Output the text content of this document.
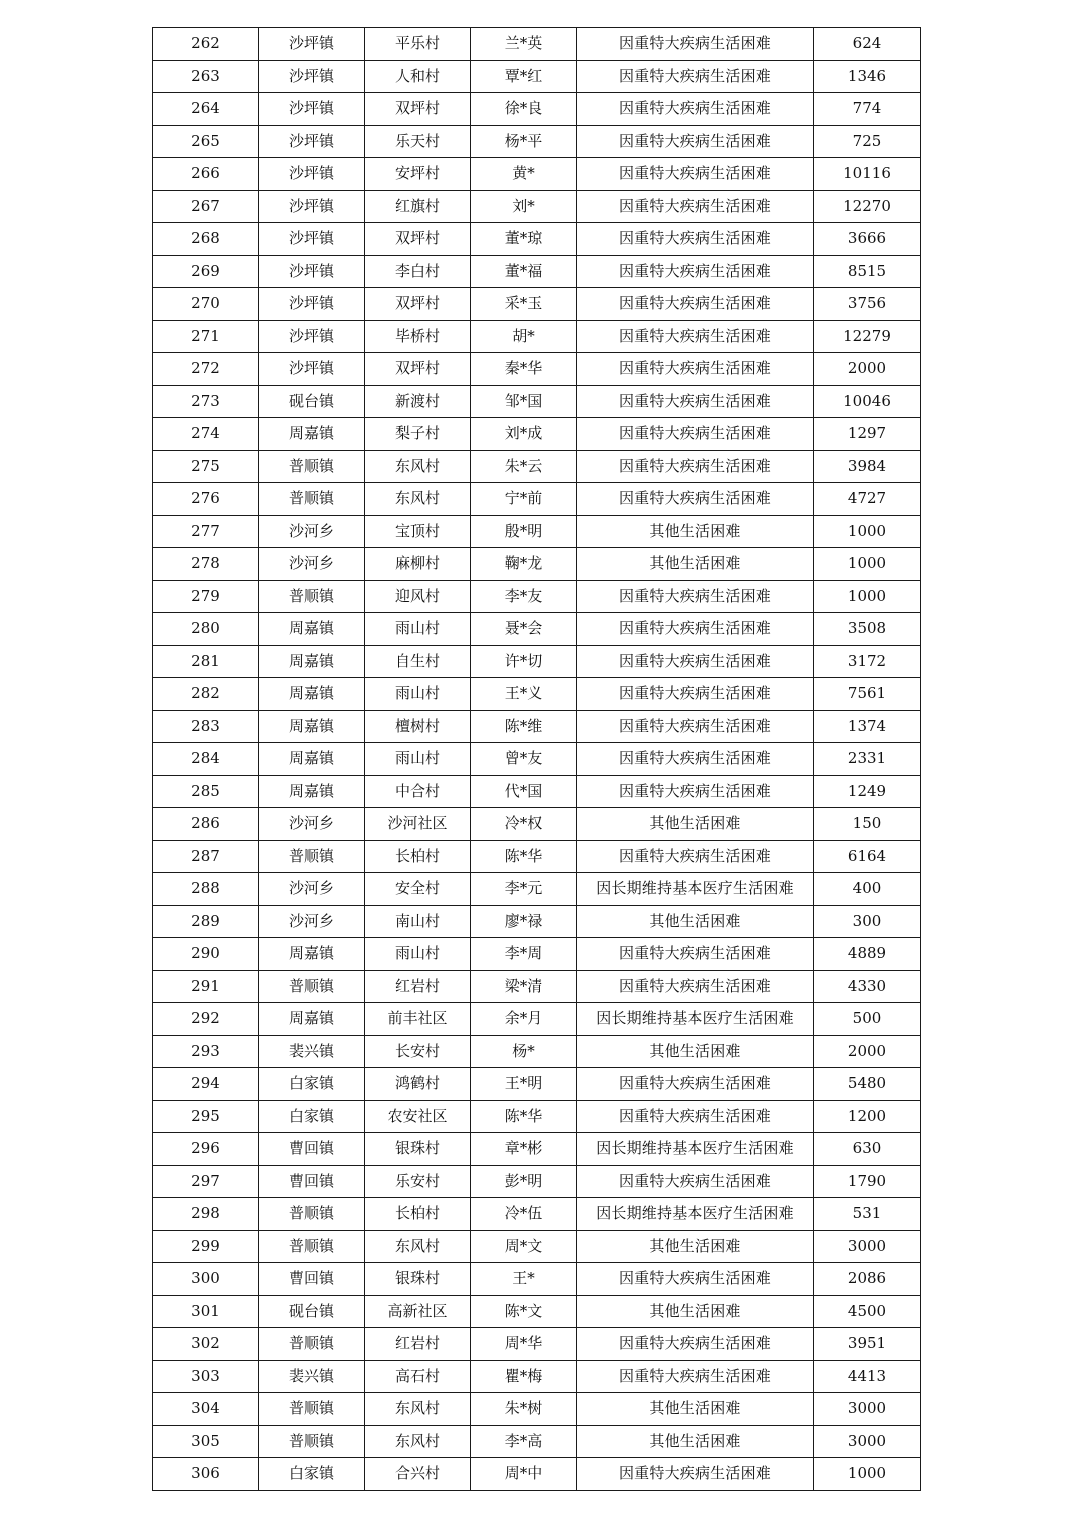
262	沙坪镇	平乐村	兰*英	因重特大疾病生活困难	624
263	沙坪镇	人和村	覃*红	因重特大疾病生活困难	1346
264	沙坪镇	双坪村	徐*良	因重特大疾病生活困难	774
265	沙坪镇	乐天村	杨*平	因重特大疾病生活困难	725
266	沙坪镇	安坪村	黄*	因重特大疾病生活困难	10116
267	沙坪镇	红旗村	刘*	因重特大疾病生活困难	12270
268	沙坪镇	双坪村	董*琼	因重特大疾病生活困难	3666
269	沙坪镇	李白村	董*福	因重特大疾病生活困难	8515
270	沙坪镇	双坪村	采*玉	因重特大疾病生活困难	3756
271	沙坪镇	毕桥村	胡*	因重特大疾病生活困难	12279
272	沙坪镇	双坪村	秦*华	因重特大疾病生活困难	2000
273	砚台镇	新渡村	邹*国	因重特大疾病生活困难	10046
274	周嘉镇	梨子村	刘*成	因重特大疾病生活困难	1297
275	普顺镇	东风村	朱*云	因重特大疾病生活困难	3984
276	普顺镇	东风村	宁*前	因重特大疾病生活困难	4727
277	沙河乡	宝顶村	殷*明	其他生活困难	1000
278	沙河乡	麻柳村	鞠*龙	其他生活困难	1000
279	普顺镇	迎风村	李*友	因重特大疾病生活困难	1000
280	周嘉镇	雨山村	聂*会	因重特大疾病生活困难	3508
281	周嘉镇	自生村	许*切	因重特大疾病生活困难	3172
282	周嘉镇	雨山村	王*义	因重特大疾病生活困难	7561
283	周嘉镇	檀树村	陈*维	因重特大疾病生活困难	1374
284	周嘉镇	雨山村	曾*友	因重特大疾病生活困难	2331
285	周嘉镇	中合村	代*国	因重特大疾病生活困难	1249
286	沙河乡	沙河社区	冷*权	其他生活困难	150
287	普顺镇	长柏村	陈*华	因重特大疾病生活困难	6164
288	沙河乡	安全村	李*元	因长期维持基本医疗生活困难	400
289	沙河乡	南山村	廖*禄	其他生活困难	300
290	周嘉镇	雨山村	李*周	因重特大疾病生活困难	4889
291	普顺镇	红岩村	梁*清	因重特大疾病生活困难	4330
292	周嘉镇	前丰社区	余*月	因长期维持基本医疗生活困难	500
293	裴兴镇	长安村	杨*	其他生活困难	2000
294	白家镇	鸿鹤村	王*明	因重特大疾病生活困难	5480
295	白家镇	农安社区	陈*华	因重特大疾病生活困难	1200
296	曹回镇	银珠村	章*彬	因长期维持基本医疗生活困难	630
297	曹回镇	乐安村	彭*明	因重特大疾病生活困难	1790
298	普顺镇	长柏村	冷*伍	因长期维持基本医疗生活困难	531
299	普顺镇	东风村	周*文	其他生活困难	3000
300	曹回镇	银珠村	王*	因重特大疾病生活困难	2086
301	砚台镇	高新社区	陈*文	其他生活困难	4500
302	普顺镇	红岩村	周*华	因重特大疾病生活困难	3951
303	裴兴镇	高石村	瞿*梅	因重特大疾病生活困难	4413
304	普顺镇	东风村	朱*树	其他生活困难	3000
305	普顺镇	东风村	李*高	其他生活困难	3000
306	白家镇	合兴村	周*中	因重特大疾病生活困难	1000
